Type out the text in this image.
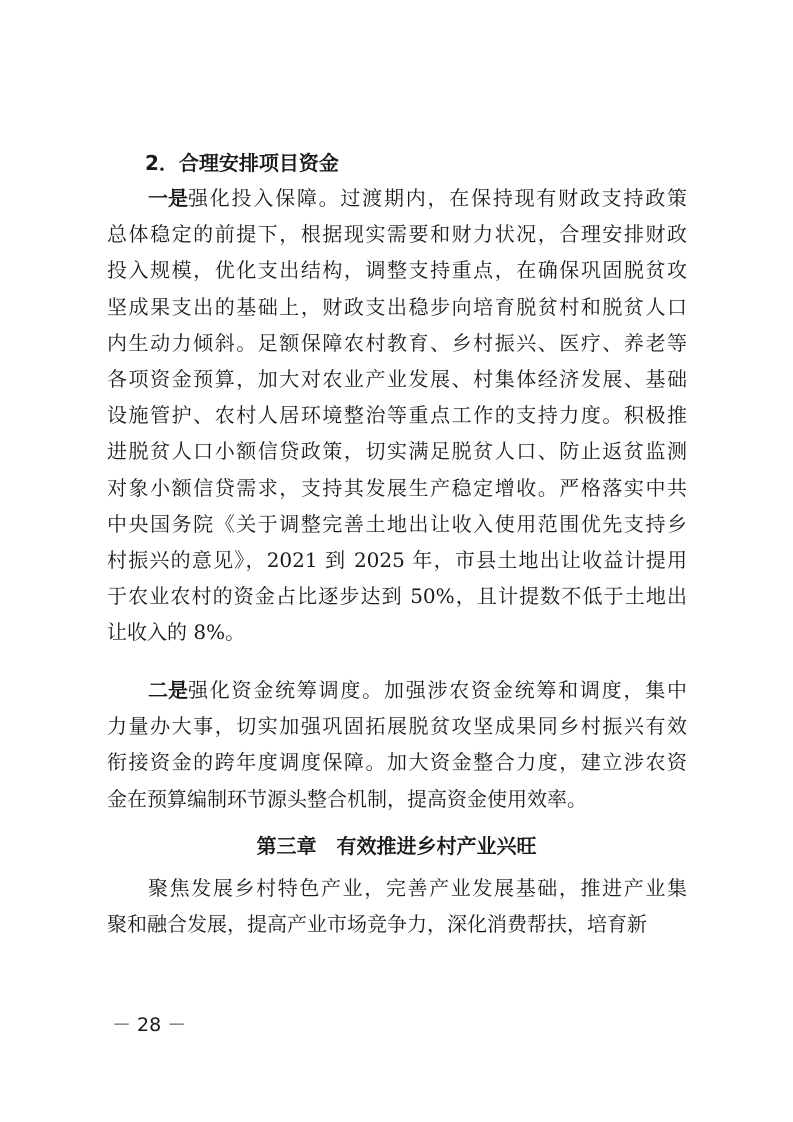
2．合理安排项目资金
一是 强化投入保障。过渡期内，在保持现有财政支持政策
总体稳定的前提下，根据现实需要和财力状况，合理安排财政
投入规模，优化支出结构，调整支持重点，在确保巩固脱贫攻
坚成果支出的基础上，财政支出稳步向培育脱贫村和脱贫人口
内生动力倾斜。足额保障农村教育、乡村振兴、医疗、养老等
各项资金预算，加大对农业产业发展、村集体经济发展、基础
设施管护、农村人居环境整治等重点工作的支持力度。积极推
进脱贫人口小额信贷政策，切实满足脱贫人口、防止返贫监测
对象小额信贷需求，支持其发展生产稳定增收。严格落实中共
中央国务院《关于调整完善土地出让收入使用范围优先支持乡
村振兴的意见》，2021 到 2025 年，市县土地出让收益计提用
于农业农村的资金占比逐步达到 50%，且计提数不低于土地出
让收入的 8%。
二是 强化资金统筹调度。加强涉农资金统筹和调度，集中
力量办大事，切实加强巩固拓展脱贫攻坚成果同乡村振兴有效
衔接资金的跨年度调度保障。加大资金整合力度，建立涉农资
金在预算编制环节源头整合机制，提高资金使用效率。
第三章　有效推进乡村产业兴旺
聚焦发展乡村特色产业，完善产业发展基础，推进产业集
聚和融合发展，提高产业市场竞争力，深化消费帮扶，培育新
－ 28 －
